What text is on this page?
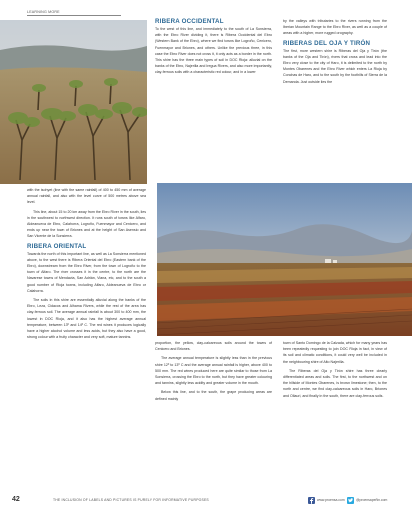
LEARNING MORE
RIBERA OCCIDENTAL

To the west of this line, and immediately to the south of La Sonsierra, with the Ebro River dividing it, there is Ribera Occidental del Ebro (Western Bank of the Ebro), where we find towns like Logroño, Cenicero, Fuenmayor and Briones, and others. Unlike the previous three, in this case the Ebro River does not cross it, it only acts as a border in the north. This shire has the three main types of soil in DOC Rioja: alluvial on the banks of the Ebro, Najerilla and Iregua Rivers, and also more importantly, clay-ferrous soils with a characteristic red colour, and in a lower

by the valleys with tributaries to the rivers running from the Iberian Mountain Range to the Ebro River, as well as a couple of areas with a higher, more rugged orography.

RIBERAS DEL OJA Y TIRÓN

The first, more western shire is Riberas del Oja y Tirón (the banks of the Oja and Tirón), rivers that cross and lead into the Ebro very close to the city of Haro, it is delimited to the north by Montes Obarenes and the Ebro River which enters La Rioja by Conchas de Haro, and to the south by the foothills of Sierra de la Demanda. Just outside lies the

with the isohyet (line with the same rainfall) of 400 to 450 mm of average annual rainfall, and also with the level curve of 500 metres above sea level.

This line, about 15 to 20 km away from the Ebro River in the south, lies in the southwest to northwest direction. It runs south of towns like Alfaro, Aldeanueva de Ebro, Calahorra, Logroño, Fuenmayor and Cenicero, and ends up near the town of Briones and at the height of San Asensio and San Vicente de la Sonsierra.

RIBERA ORIENTAL

Towards the north of this important line, as well as La Sonsierra mentioned above, to the west there is Ribera Oriental del Ebro (Eastern bank of the Ebro), downstream from the Ebro River, from the town of Logroño to the town of Alfaro. The river crosses it in the centre, to the north are the Navarese towns of Mendavia, San Adrián, Viana, etc, and to the south a good number of Rioja towns, including Alfaro, Aldeanueva de Ebro or Calahorra.

The soils in this shire are essentially alluvial along the banks of the Ebro, Leza, Cidacos and Alhama Rivers, while the rest of the area has clay-ferrous soil. The average annual rainfall is about 300 to 400 mm, the lowest in DOC Rioja, and it also has the highest average annual temperature, between 13º and 14º C. The red wines it produces logically have a higher alcohol volume and less acids, but they also have a good, strong colour with a fruity character and very soft, mature tannins.

proportion, the yellow, clay-calcareous soils around the towns of Cenicero and Briones.

The average annual temperature is slightly less than in the previous shire 12º to 13º C and the average annual rainfall is higher, above 400 to 500 mm. The red wines produced here are quite similar to those from La Sonsierra, crossing the Ebro to the north, but they have greater colouring and tannins, slightly less acidity and greater volume in the mouth.

Below this line, and to the south, the grape producing areas are defined mainly

town of Santo Domingo de la Calzada, which for many years has been repeatedly requesting to join DOC Rioja in fact, in view of its soil and climatic conditions, it could very well be included in the neighbouring shire of Alto Najerilla.

The Riberas del Oja y Tirón shire has three clearly differentiated areas and soils. The first, to the northwest and on the hillside of Montes Obarenes, is brown limestone; then, to the north and centre, we find clay-calcareous soils in Haro, Briones and Ollauri, and finally in the south, there are clay-ferrous soils.

42	THE INCLUSION OF LABELS AND PICTURES IS PURELY FOR INFORMATIVE PURPOSES	www.proensa.com	@proensapeñin.com
